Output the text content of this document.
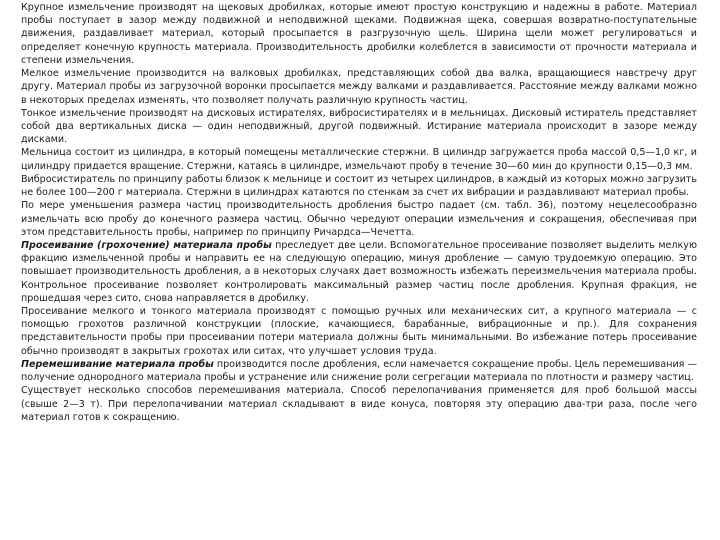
Крупное измельчение производят на щековых дробилках, которые имеют простую конструкцию и надежны в работе. Материал пробы поступает в зазор между подвижной и неподвижной щеками. Подвижная щека, совершая возвратно-поступательные движения, раздавливает материал, который просыпается в разгрузочную щель. Ширина щели может регулироваться и определяет конечную крупность материала. Производительность дробилки колеблется в зависимости от прочности материала и степени измельчения.

Мелкое измельчение производится на валковых дробилках, представляющих собой два валка, вращающиеся навстречу друг другу. Материал пробы из загрузочной воронки просыпается между валками и раздавливается. Расстояние между валками можно в некоторых пределах изменять, что позволяет получать различную крупность частиц.

Тонкое измельчение производят на дисковых истирателях, вибросистирателях и в мельницах. Дисковый истиратель представляет собой два вертикальных диска — один неподвижный, другой подвижный. Истирание материала происходит в зазоре между дисками.

Мельница состоит из цилиндра, в который помещены металлические стержни. В цилиндр загружается проба массой 0,5—1,0 кг, и цилиндру придается вращение. Стержни, катаясь в цилиндре, измельчают пробу в течение 30—60 мин до крупности 0,15—0,3 мм.

Вибросистиратель по принципу работы близок к мельнице и состоит из четырех цилиндров, в каждый из которых можно загрузить не более 100—200 г материала. Стержни в цилиндрах катаются по стенкам за счет их вибрации и раздавливают материал пробы.

По мере уменьшения размера частиц производительность дробления быстро падает (см. табл. 36), поэтому нецелесообразно измельчать всю пробу до конечного размера частиц. Обычно чередуют операции измельчения и сокращения, обеспечивая при этом представительность пробы, например по принципу Ричардса—Чечетта.

Просеивание (грохочение) материала пробы преследует две цели. Вспомогательное просеивание позволяет выделить мелкую фракцию измельченной пробы и направить ее на следующую операцию, минуя дробление — самую трудоемкую операцию. Это повышает производительность дробления, а в некоторых случаях дает возможность избежать переизмельчения материала пробы. Контрольное просеивание позволяет контролировать максимальный размер частиц после дробления. Крупная фракция, не прошедшая через сито, снова направляется в дробилку.

Просеивание мелкого и тонкого материала производят с помощью ручных или механических сит, а крупного материала — с помощью грохотов различной конструкции (плоские, качающиеся, барабанные, вибрационные и пр.). Для сохранения представительности пробы при просеивании потери материала должны быть минимальными. Во избежание потерь просеивание обычно производят в закрытых грохотах или ситах, что улучшает условия труда.

Перемешивание материала пробы производится после дробления, если намечается сокращение пробы. Цель перемешивания — получение однородного материала пробы и устранение или снижение роли сегрегации материала по плотности и размеру частиц.

Существует несколько способов перемешивания материала. Способ перелопачивания применяется для проб большой массы (свыше 2—3 т). При перелопачивании материал складывают в виде конуса, повторяя эту операцию два-три раза, после чего материал готов к сокращению.
